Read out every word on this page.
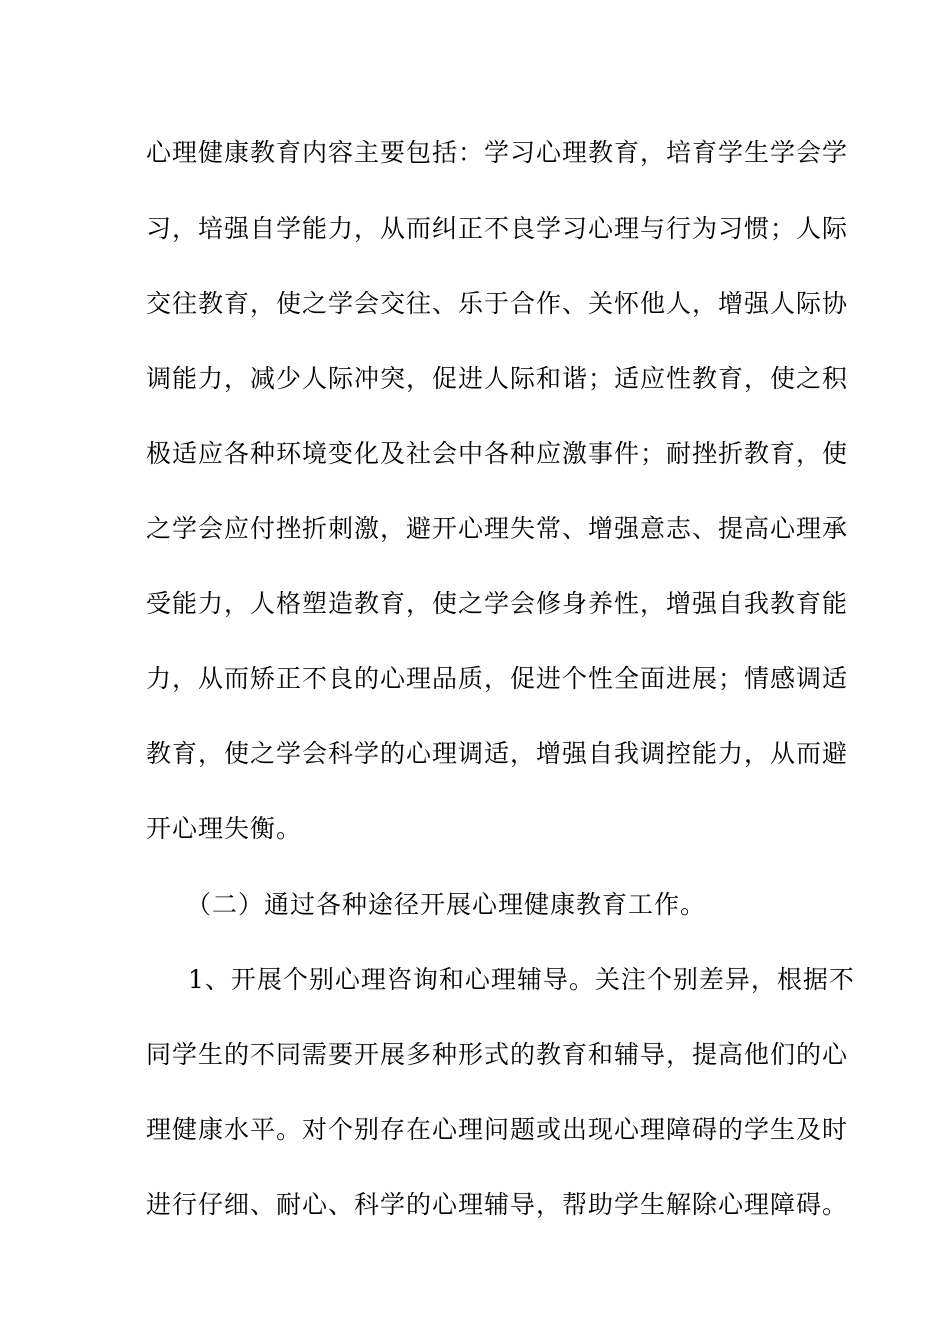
心理健康教育内容主要包括：学习心理教育，培育学生学会学
习，培强自学能力，从而纠正不良学习心理与行为习惯；人际
交往教育，使之学会交往、乐于合作、关怀他人，增强人际协
调能力，减少人际冲突，促进人际和谐；适应性教育，使之积
极适应各种环境变化及社会中各种应激事件；耐挫折教育，使
之学会应付挫折刺激，避开心理失常、增强意志、提高心理承
受能力，人格塑造教育，使之学会修身养性，增强自我教育能
力，从而矫正不良的心理品质，促进个性全面进展；情感调适
教育，使之学会科学的心理调适，增强自我调控能力，从而避
开心理失衡。
（二）通过各种途径开展心理健康教育工作。
1、开展个别心理咨询和心理辅导。关注个别差异，根据不
同学生的不同需要开展多种形式的教育和辅导，提高他们的心
理健康水平。对个别存在心理问题或出现心理障碍的学生及时
进行仔细、耐心、科学的心理辅导，帮助学生解除心理障碍。
